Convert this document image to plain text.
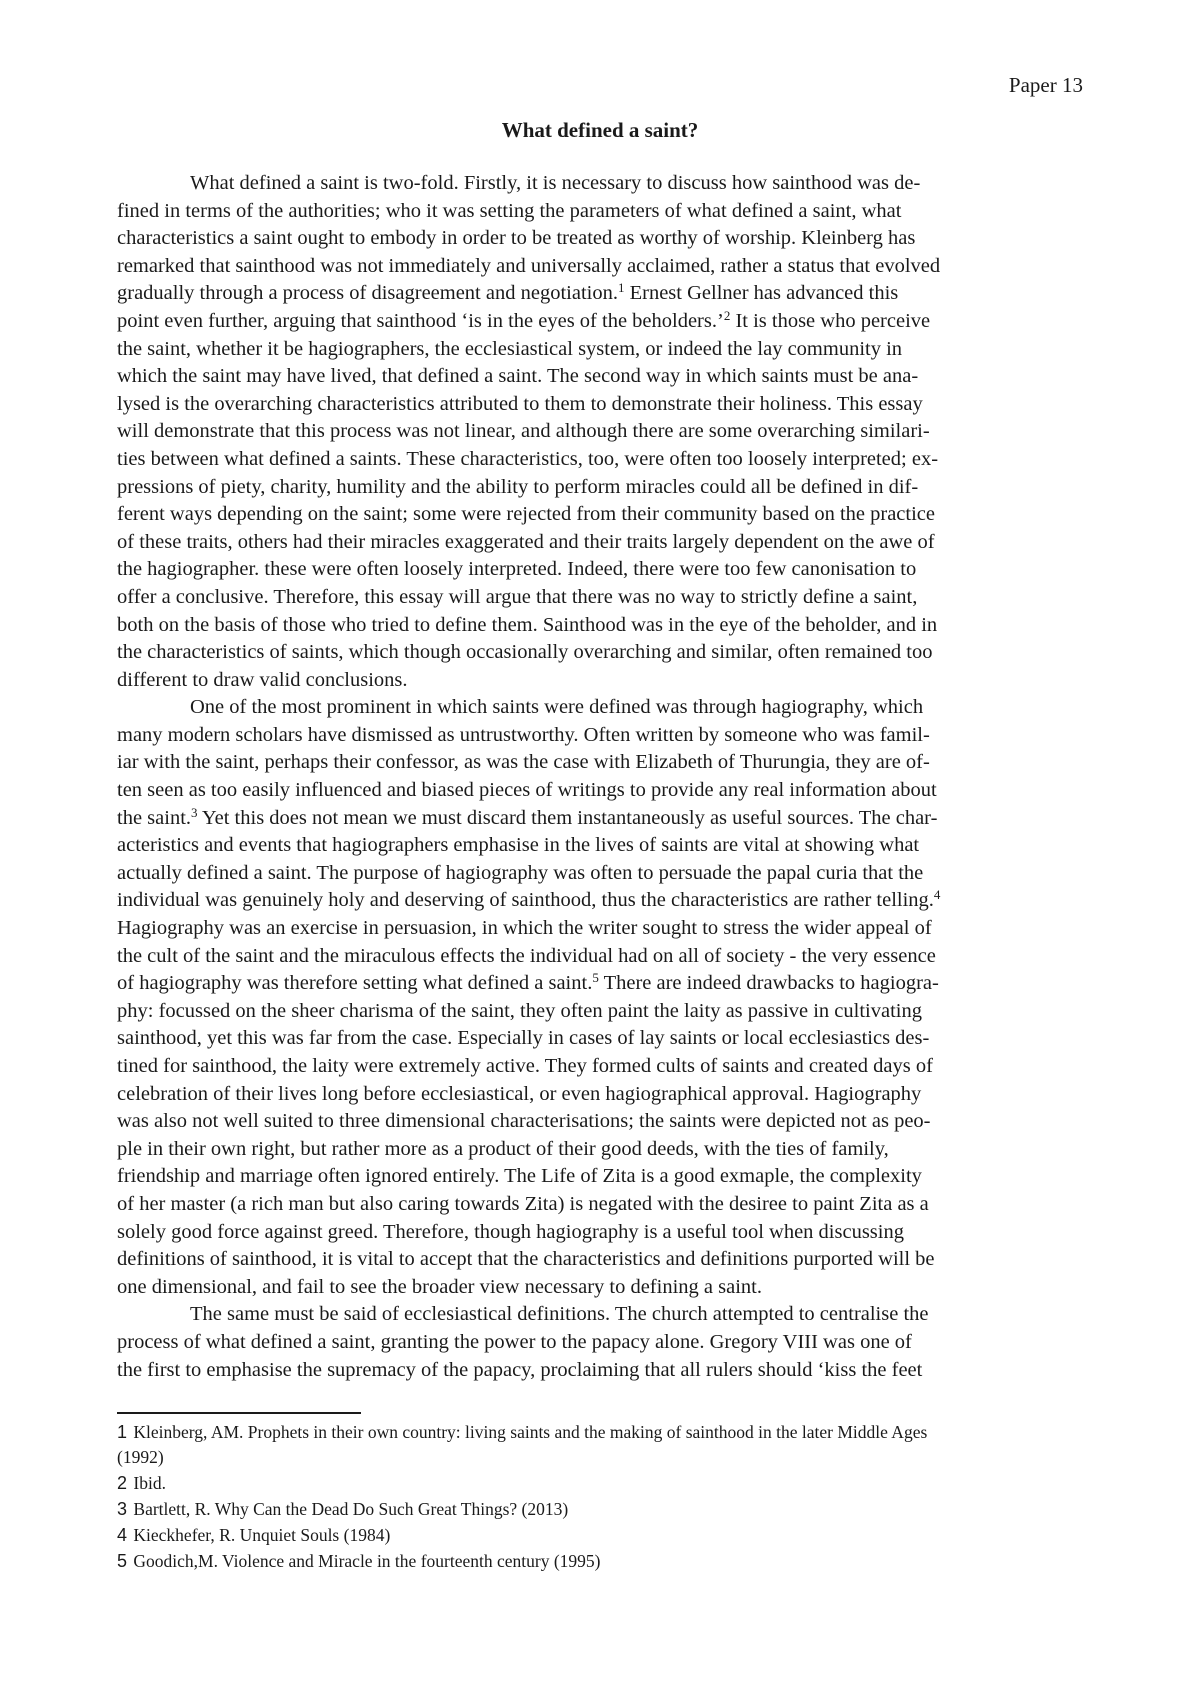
Paper 13
What defined a saint?
What defined a saint is two-fold. Firstly, it is necessary to discuss how sainthood was de-
fined in terms of the authorities; who it was setting the parameters of what defined a saint, what
characteristics a saint ought to embody in order to be treated as worthy of worship. Kleinberg has
remarked that sainthood was not immediately and universally acclaimed, rather a status that evolved
gradually through a process of disagreement and negotiation.$^1$ Ernest Gellner has advanced this
point even further, arguing that sainthood ‘is in the eyes of the beholders.’$^2$ It is those who perceive
the saint, whether it be hagiographers, the ecclesiastical system, or indeed the lay community in
which the saint may have lived, that defined a saint. The second way in which saints must be ana-
lysed is the overarching characteristics attributed to them to demonstrate their holiness. This essay
will demonstrate that this process was not linear, and although there are some overarching similari-
ties between what defined a saints. These characteristics, too, were often too loosely interpreted; ex-
pressions of piety, charity, humility and the ability to perform miracles could all be defined in dif-
ferent ways depending on the saint; some were rejected from their community based on the practice
of these traits, others had their miracles exaggerated and their traits largely dependent on the awe of
the hagiographer. these were often loosely interpreted. Indeed, there were too few canonisation to
offer a conclusive. Therefore, this essay will argue that there was no way to strictly define a saint,
both on the basis of those who tried to define them. Sainthood was in the eye of the beholder, and in
the characteristics of saints, which though occasionally overarching and similar, often remained too
different to draw valid conclusions.
One of the most prominent in which saints were defined was through hagiography, which
many modern scholars have dismissed as untrustworthy. Often written by someone who was famil-
iar with the saint, perhaps their confessor, as was the case with Elizabeth of Thurungia, they are of-
ten seen as too easily influenced and biased pieces of writings to provide any real information about
the saint.$^3$ Yet this does not mean we must discard them instantaneously as useful sources. The char-
acteristics and events that hagiographers emphasise in the lives of saints are vital at showing what
actually defined a saint. The purpose of hagiography was often to persuade the papal curia that the
individual was genuinely holy and deserving of sainthood, thus the characteristics are rather telling.$^4$
Hagiography was an exercise in persuasion, in which the writer sought to stress the wider appeal of
the cult of the saint and the miraculous effects the individual had on all of society - the very essence
of hagiography was therefore setting what defined a saint.$^5$ There are indeed drawbacks to hagiogra-
phy: focussed on the sheer charisma of the saint, they often paint the laity as passive in cultivating
sainthood, yet this was far from the case. Especially in cases of lay saints or local ecclesiastics des-
tined for sainthood, the laity were extremely active. They formed cults of saints and created days of
celebration of their lives long before ecclesiastical, or even hagiographical approval. Hagiography
was also not well suited to three dimensional characterisations; the saints were depicted not as peo-
ple in their own right, but rather more as a product of their good deeds, with the ties of family,
friendship and marriage often ignored entirely. The Life of Zita is a good exmaple, the complexity
of her master (a rich man but also caring towards Zita) is negated with the desiree to paint Zita as a
solely good force against greed. Therefore, though hagiography is a useful tool when discussing
definitions of sainthood, it is vital to accept that the characteristics and definitions purported will be
one dimensional, and fail to see the broader view necessary to defining a saint.
The same must be said of ecclesiastical definitions. The church attempted to centralise the
process of what defined a saint, granting the power to the papacy alone. Gregory VIII was one of
the first to emphasise the supremacy of the papacy, proclaiming that all rulers should ‘kiss the feet
1 Kleinberg, AM. Prophets in their own country: living saints and the making of sainthood in the later Middle Ages
(1992)
2 Ibid.
3 Bartlett, R. Why Can the Dead Do Such Great Things? (2013)
4 Kieckhefer, R. Unquiet Souls (1984)
5 Goodich,M. Violence and Miracle in the fourteenth century (1995)
